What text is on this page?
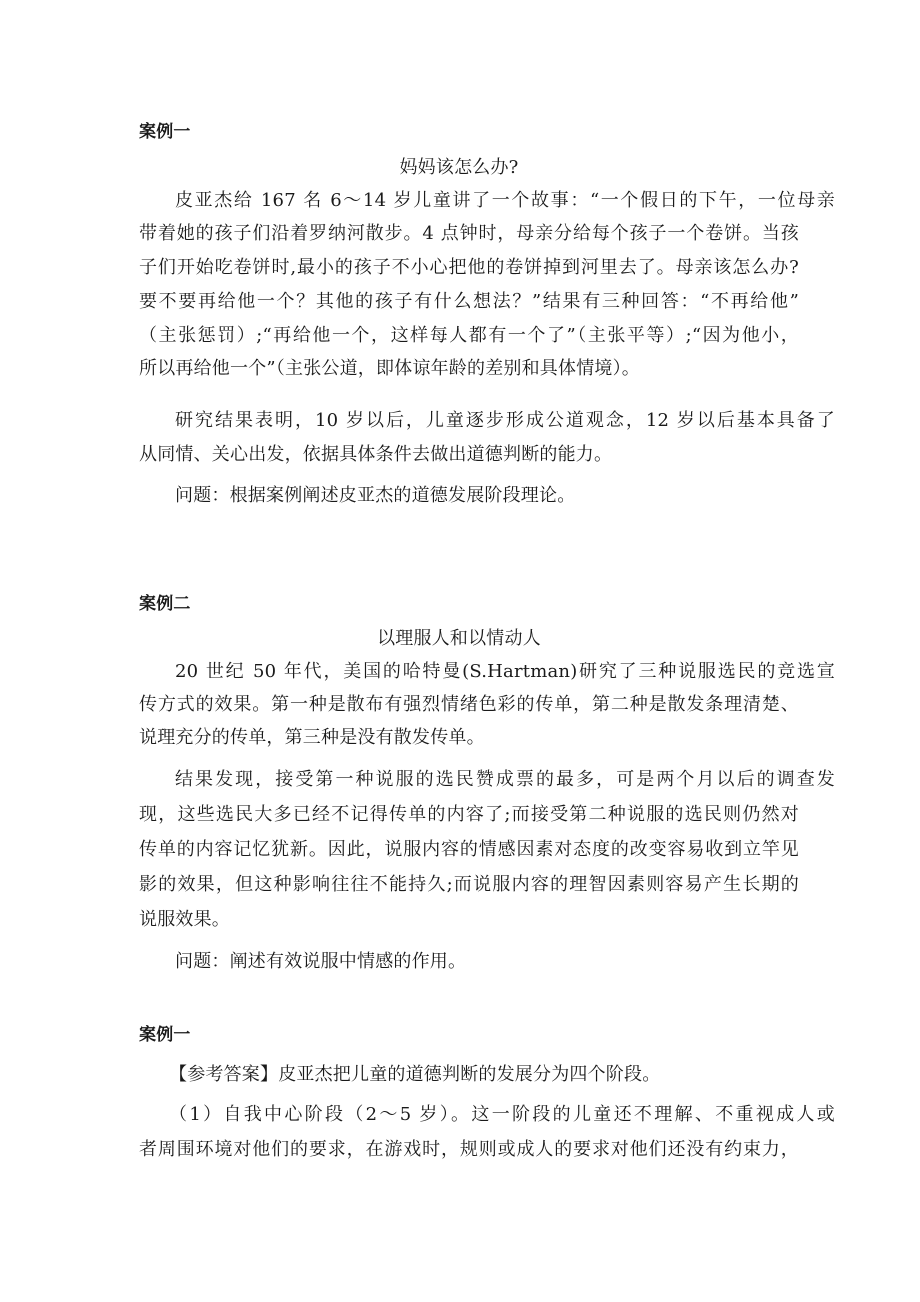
案例一
妈妈该怎么办?
皮亚杰给 167 名 6～14 岁儿童讲了一个故事：“一个假日的下午，一位母亲
带着她的孩子们沿着罗纳河散步。4 点钟时，母亲分给每个孩子一个卷饼。当孩
子们开始吃卷饼时,最小的孩子不小心把他的卷饼掉到河里去了。母亲该怎么办?
要不要再给他一个？其他的孩子有什么想法？”结果有三种回答：“不再给他”
（主张惩罚）;“再给他一个，这样每人都有一个了”（主张平等）;“因为他小，
所以再给他一个”（主张公道，即体谅年龄的差别和具体情境）。
研究结果表明，10 岁以后，儿童逐步形成公道观念，12 岁以后基本具备了
从同情、关心出发，依据具体条件去做出道德判断的能力。
问题：根据案例阐述皮亚杰的道德发展阶段理论。
案例二
以理服人和以情动人
20 世纪 50 年代，美国的哈特曼(S.Hartman)研究了三种说服选民的竞选宣
传方式的效果。第一种是散布有强烈情绪色彩的传单，第二种是散发条理清楚、
说理充分的传单，第三种是没有散发传单。
结果发现，接受第一种说服的选民赞成票的最多，可是两个月以后的调查发
现，这些选民大多已经不记得传单的内容了;而接受第二种说服的选民则仍然对
传单的内容记忆犹新。因此，说服内容的情感因素对态度的改变容易收到立竿见
影的效果，但这种影响往往不能持久;而说服内容的理智因素则容易产生长期的
说服效果。
问题：阐述有效说服中情感的作用。
案例一
【参考答案】皮亚杰把儿童的道德判断的发展分为四个阶段。
（1）自我中心阶段（2～5 岁）。这一阶段的儿童还不理解、不重视成人或
者周围环境对他们的要求，在游戏时，规则或成人的要求对他们还没有约束力，
